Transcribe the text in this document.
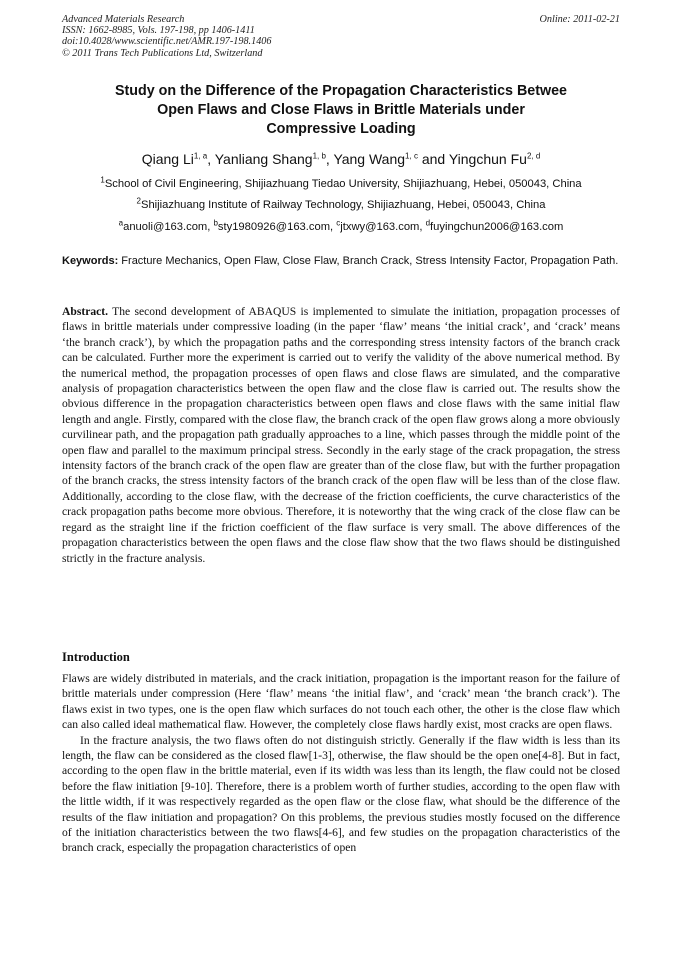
Advanced Materials Research	Online: 2011-02-21
ISSN: 1662-8985, Vols. 197-198, pp 1406-1411
doi:10.4028/www.scientific.net/AMR.197-198.1406
© 2011 Trans Tech Publications Ltd, Switzerland
Study on the Difference of the Propagation Characteristics Betwee
Open Flaws and Close Flaws in Brittle Materials under
Compressive Loading
Qiang Li$^{1, a}$, Yanliang Shang$^{1, b}$, Yang Wang$^{1, c}$ and Yingchun Fu$^{2, d}$
$^1$School of Civil Engineering, Shijiazhuang Tiedao University, Shijiazhuang, Hebei, 050043, China
$^2$Shijiazhuang Institute of Railway Technology, Shijiazhuang, Hebei, 050043, China
$^a$anuoli@163.com, $^b$sty1980926@163.com, $^c$jtxwy@163.com, $^d$fuyingchun2006@163.com
Keywords: Fracture Mechanics, Open Flaw, Close Flaw, Branch Crack, Stress Intensity Factor, Propagation Path.
Abstract. The second development of ABAQUS is implemented to simulate the initiation, propagation processes of flaws in brittle materials under compressive loading (in the paper ‘flaw’ means ‘the initial crack’, and ‘crack’ means ‘the branch crack’), by which the propagation paths and the corresponding stress intensity factors of the branch crack can be calculated. Further more the experiment is carried out to verify the validity of the above numerical method. By the numerical method, the propagation processes of open flaws and close flaws are simulated, and the comparative analysis of propagation characteristics between the open flaw and the close flaw is carried out. The results show the obvious difference in the propagation characteristics between open flaws and close flaws with the same initial flaw length and angle. Firstly, compared with the close flaw, the branch crack of the open flaw grows along a more obviously curvilinear path, and the propagation path gradually approaches to a line, which passes through the middle point of the open flaw and parallel to the maximum principal stress. Secondly in the early stage of the crack propagation, the stress intensity factors of the branch crack of the open flaw are greater than of the close flaw, but with the further propagation of the branch cracks, the stress intensity factors of the branch crack of the open flaw will be less than of the close flaw. Additionally, according to the close flaw, with the decrease of the friction coefficients, the curve characteristics of the crack propagation paths become more obvious. Therefore, it is noteworthy that the wing crack of the close flaw can be regard as the straight line if the friction coefficient of the flaw surface is very small. The above differences of the propagation characteristics between the open flaws and the close flaw show that the two flaws should be distinguished strictly in the fracture analysis.
Introduction

Flaws are widely distributed in materials, and the crack initiation, propagation is the important reason for the failure of brittle materials under compression (Here ‘flaw’ means ‘the initial flaw’, and ‘crack’ mean ‘the branch crack’). The flaws exist in two types, one is the open flaw which surfaces do not touch each other, the other is the close flaw which can also called ideal mathematical flaw. However, the completely close flaws hardly exist, most cracks are open flaws.

In the fracture analysis, the two flaws often do not distinguish strictly. Generally if the flaw width is less than its length, the flaw can be considered as the closed flaw[1-3], otherwise, the flaw should be the open one[4-8]. But in fact, according to the open flaw in the brittle material, even if its width was less than its length, the flaw could not be closed before the flaw initiation [9-10]. Therefore, there is a problem worth of further studies, according to the open flaw with the little width, if it was respectively regarded as the open flaw or the close flaw, what should be the difference of the results of the flaw initiation and propagation? On this problems, the previous studies mostly focused on the difference of the initiation characteristics between the two flaws[4-6], and few studies on the propagation characteristics of the branch crack, especially the propagation characteristics of open
